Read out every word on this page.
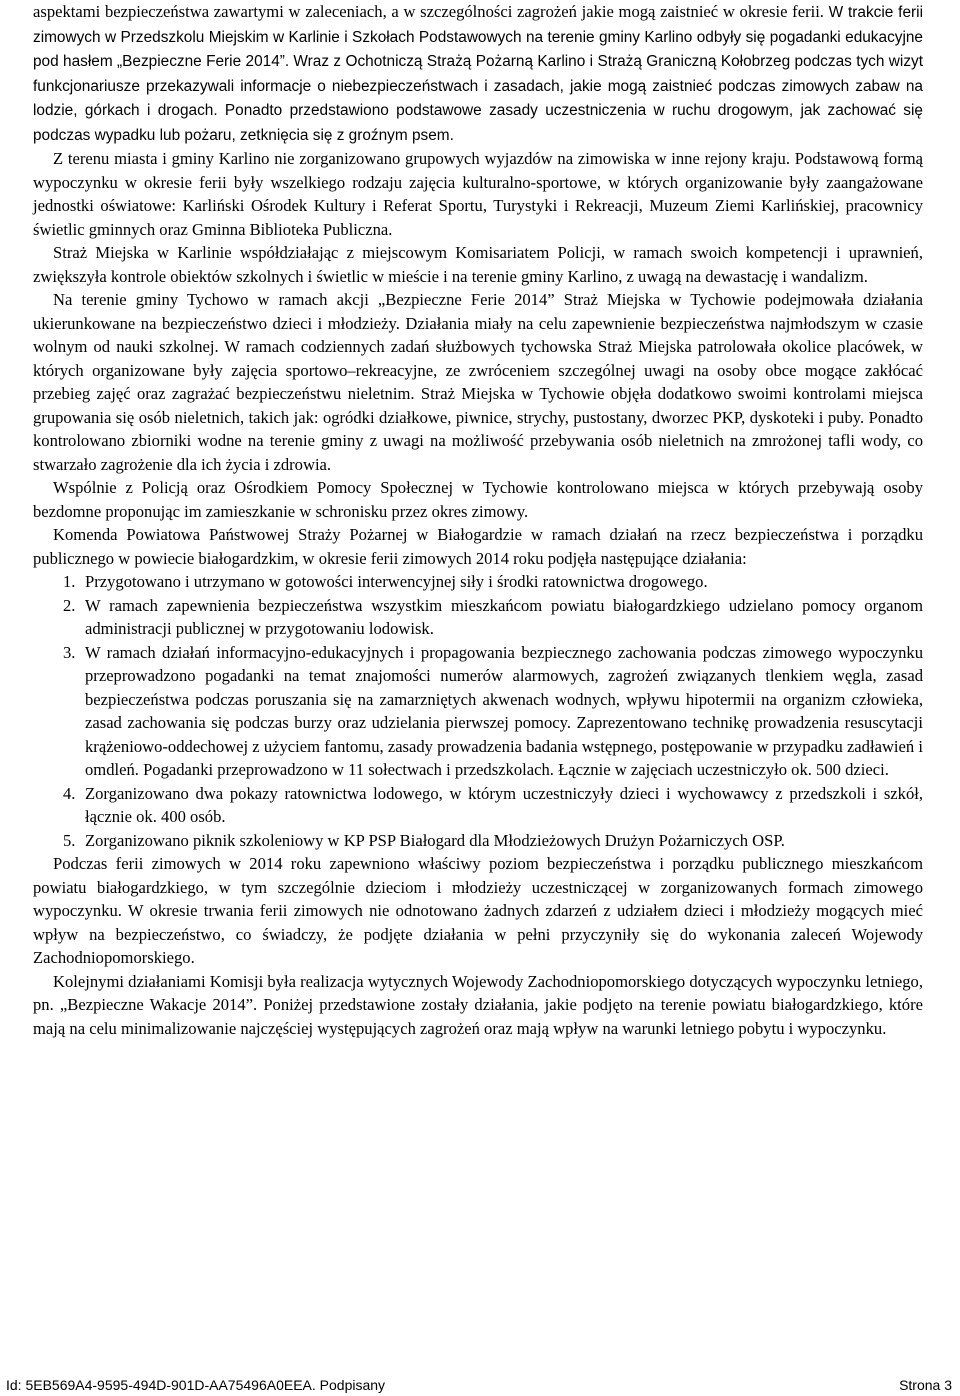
aspektami bezpieczeństwa zawartymi w zaleceniach, a w szczególności zagrożeń jakie mogą zaistnieć w okresie ferii. W trakcie ferii zimowych w Przedszkolu Miejskim w Karlinie i Szkołach Podstawowych na terenie gminy Karlino odbyły się pogadanki edukacyjne pod hasłem „Bezpieczne Ferie 2014”. Wraz z Ochotniczą Strażą Pożarną Karlino i Strażą Graniczną Kołobrzeg podczas tych wizyt funkcjonariusze przekazywali informacje o niebezpieczeństwach i zasadach, jakie mogą zaistnieć podczas zimowych zabaw na lodzie, górkach i drogach. Ponadto przedstawiono podstawowe zasady uczestniczenia w ruchu drogowym, jak zachować się podczas wypadku lub pożaru, zetknięcia się z groźnym psem.

Z terenu miasta i gminy Karlino nie zorganizowano grupowych wyjazdów na zimowiska w inne rejony kraju. Podstawową formą wypoczynku w okresie ferii były wszelkiego rodzaju zajęcia kulturalno-sportowe, w których organizowanie były zaangażowane jednostki oświatowe: Karliński Ośrodek Kultury i Referat Sportu, Turystyki i Rekreacji, Muzeum Ziemi Karlińskiej, pracownicy świetlic gminnych oraz Gminna Biblioteka Publiczna.

Straż Miejska w Karlinie współdziałając z miejscowym Komisariatem Policji, w ramach swoich kompetencji i uprawnień, zwiększyła kontrole obiektów szkolnych i świetlic w mieście i na terenie gminy Karlino, z uwagą na dewastację i wandalizm.

Na terenie gminy Tychowo w ramach akcji „Bezpieczne Ferie 2014” Straż Miejska w Tychowie podejmowała działania ukierunkowane na bezpieczeństwo dzieci i młodzieży. Działania miały na celu zapewnienie bezpieczeństwa najmłodszym w czasie wolnym od nauki szkolnej. W ramach codziennych zadań służbowych tychowska Straż Miejska patrolowała okolice placówek, w których organizowane były zajęcia sportowo–rekreacyjne, ze zwróceniem szczególnej uwagi na osoby obce mogące zakłócać przebieg zajęć oraz zagrażać bezpieczeństwu nieletnim. Straż Miejska w Tychowie objęła dodatkowo swoimi kontrolami miejsca grupowania się osób nieletnich, takich jak: ogródki działkowe, piwnice, strychy, pustostany, dworzec PKP, dyskoteki i puby. Ponadto kontrolowano zbiorniki wodne na terenie gminy z uwagi na możliwość przebywania osób nieletnich na zmrożonej tafli wody, co stwarzało zagrożenie dla ich życia i zdrowia.

Wspólnie z Policją oraz Ośrodkiem Pomocy Społecznej w Tychowie kontrolowano miejsca w których przebywają osoby bezdomne proponując im zamieszkanie w schronisku przez okres zimowy.

Komenda Powiatowa Państwowej Straży Pożarnej w Białogardzie w ramach działań na rzecz bezpieczeństwa i porządku publicznego w powiecie białogardzkim, w okresie ferii zimowych 2014 roku podjęła następujące działania:

1. Przygotowano i utrzymano w gotowości interwencyjnej siły i środki ratownictwa drogowego.
2. W ramach zapewnienia bezpieczeństwa wszystkim mieszkańcom powiatu białogardzkiego udzielano pomocy organom administracji publicznej w przygotowaniu lodowisk.
3. W ramach działań informacyjno-edukacyjnych i propagowania bezpiecznego zachowania podczas zimowego wypoczynku przeprowadzono pogadanki na temat znajomości numerów alarmowych, zagrożeń związanych tlenkiem węgla, zasad bezpieczeństwa podczas poruszania się na zamarzniętych akwenach wodnych, wpływu hipotermii na organizm człowieka, zasad zachowania się podczas burzy oraz udzielania pierwszej pomocy. Zaprezentowano technikę prowadzenia resuscytacji krążeniowo-oddechowej z użyciem fantomu, zasady prowadzenia badania wstępnego, postępowanie w przypadku zadławień i omdleń. Pogadanki przeprowadzono w 11 sołectwach i przedszkolach. Łącznie w zajęciach uczestniczyło ok. 500 dzieci.
4. Zorganizowano dwa pokazy ratownictwa lodowego, w którym uczestniczyły dzieci i wychowawcy z przedszkoli i szkół, łącznie ok. 400 osób.
5. Zorganizowano piknik szkoleniowy w KP PSP Białogard dla Młodzieżowych Drużyn Pożarniczych OSP.

Podczas ferii zimowych w 2014 roku zapewniono właściwy poziom bezpieczeństwa i porządku publicznego mieszkańcom powiatu białogardzkiego, w tym szczególnie dzieciom i młodzieży uczestniczącej w zorganizowanych formach zimowego wypoczynku. W okresie trwania ferii zimowych nie odnotowano żadnych zdarzeń z udziałem dzieci i młodzieży mogących mieć wpływ na bezpieczeństwo, co świadczy, że podjęte działania w pełni przyczyniły się do wykonania zaleceń Wojewody Zachodniopomorskiego.

Kolejnymi działaniami Komisji była realizacja wytycznych Wojewody Zachodniopomorskiego dotyczących wypoczynku letniego, pn. „Bezpieczne Wakacje 2014”. Poniżej przedstawione zostały działania, jakie podjęto na terenie powiatu białogardzkiego, które mają na celu minimalizowanie najczęściej występujących zagrożeń oraz mają wpływ na warunki letniego pobytu i wypoczynku.

Id: 5EB569A4-9595-494D-901D-AA75496A0EEA. Podpisany	Strona 3
